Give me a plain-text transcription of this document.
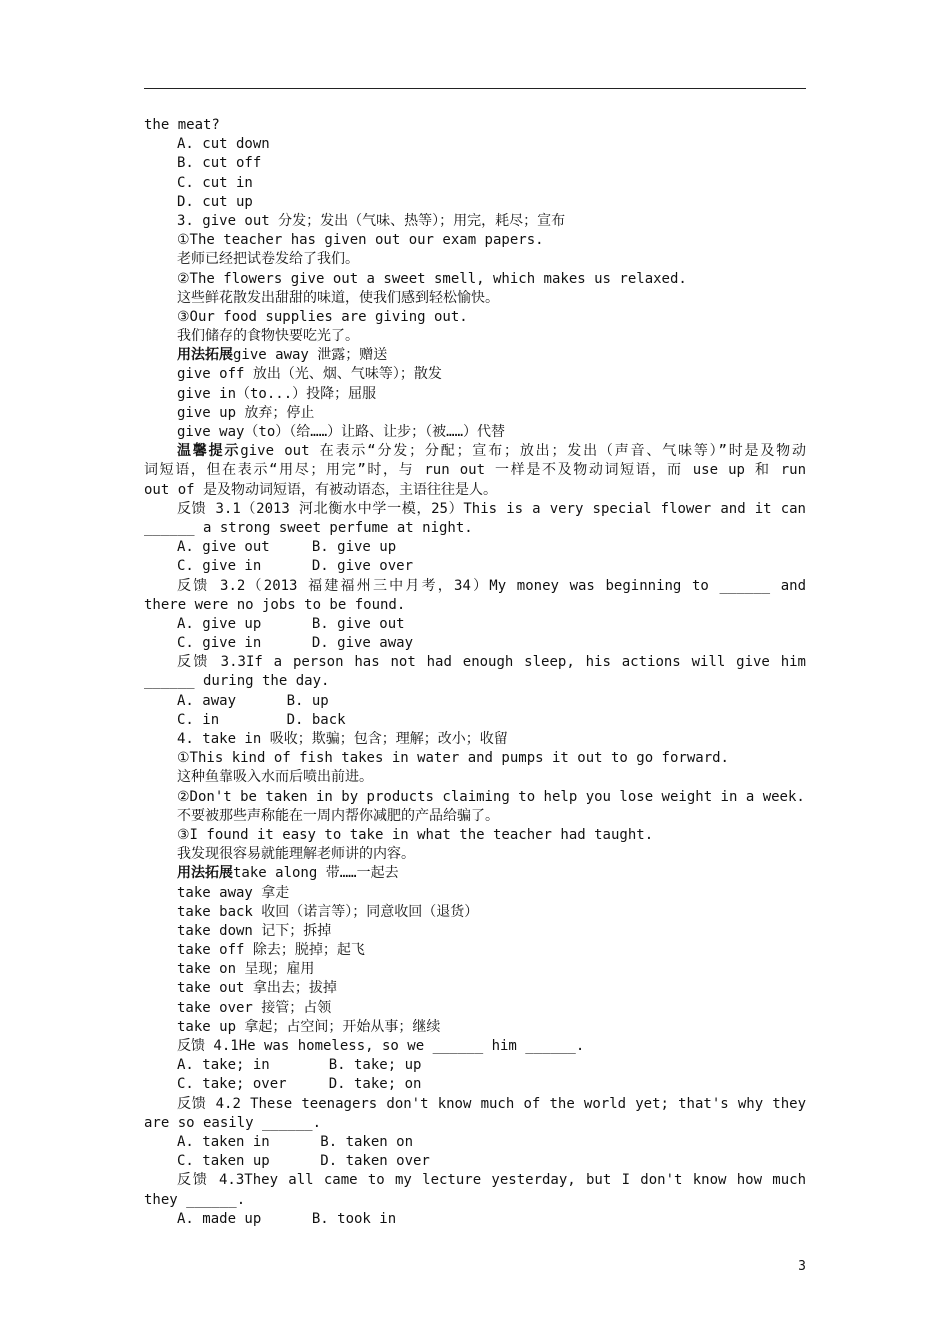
the meat?
A. cut down
B. cut off
C. cut in
D. cut up
3. give out 分发；发出（气味、热等）；用完，耗尽；宣布
①The teacher has given out our exam papers.
老师已经把试卷发给了我们。
②The flowers give out a sweet smell, which makes us relaxed.
这些鲜花散发出甜甜的味道，使我们感到轻松愉快。
③Our food supplies are giving out.
我们储存的食物快要吃光了。
用法拓展give away 泄露；赠送
give off 放出（光、烟、气味等）；散发
give in（to...）投降；屈服
give up 放弃；停止
give way（to）（给……）让路、让步；（被……）代替
温馨提示give out 在表示“分发；分配；宣布；放出；发出（声音、气味等）”时是及物动
词短语，但在表示“用尽；用完”时，与 run out 一样是不及物动词短语，而 use up 和 run
out of 是及物动词短语，有被动语态，主语往往是人。
反馈 3.1（2013 河北衡水中学一模，25）This is a very special flower and it can
______ a strong sweet perfume at night.
A. give out     B. give up
C. give in      D. give over
反馈 3.2（2013 福建福州三中月考，34）My money was beginning to ______ and
there were no jobs to be found.
A. give up      B. give out
C. give in      D. give away
反馈 3.3If a person has not had enough sleep, his actions will give him
______ during the day.
A. away      B. up
C. in        D. back
4. take in 吸收；欺骗；包含；理解；改小；收留
①This kind of fish takes in water and pumps it out to go forward.
这种鱼靠吸入水而后喷出前进。
②Don't be taken in by products claiming to help you lose weight in a week.
不要被那些声称能在一周内帮你减肥的产品给骗了。
③I found it easy to take in what the teacher had taught.
我发现很容易就能理解老师讲的内容。
用法拓展take along 带……一起去
take away 拿走
take back 收回（诺言等）；同意收回（退货）
take down 记下；拆掉
take off 除去；脱掉；起飞
take on 呈现；雇用
take out 拿出去；拔掉
take over 接管；占领
take up 拿起；占空间；开始从事；继续
反馈 4.1He was homeless, so we ______ him ______.
A. take; in       B. take; up
C. take; over     D. take; on
反馈 4.2 These teenagers don't know much of the world yet; that's why they
are so easily ______.
A. taken in      B. taken on
C. taken up      D. taken over
反馈 4.3They all came to my lecture yesterday, but I don't know how much
they ______.
A. made up      B. took in
3
